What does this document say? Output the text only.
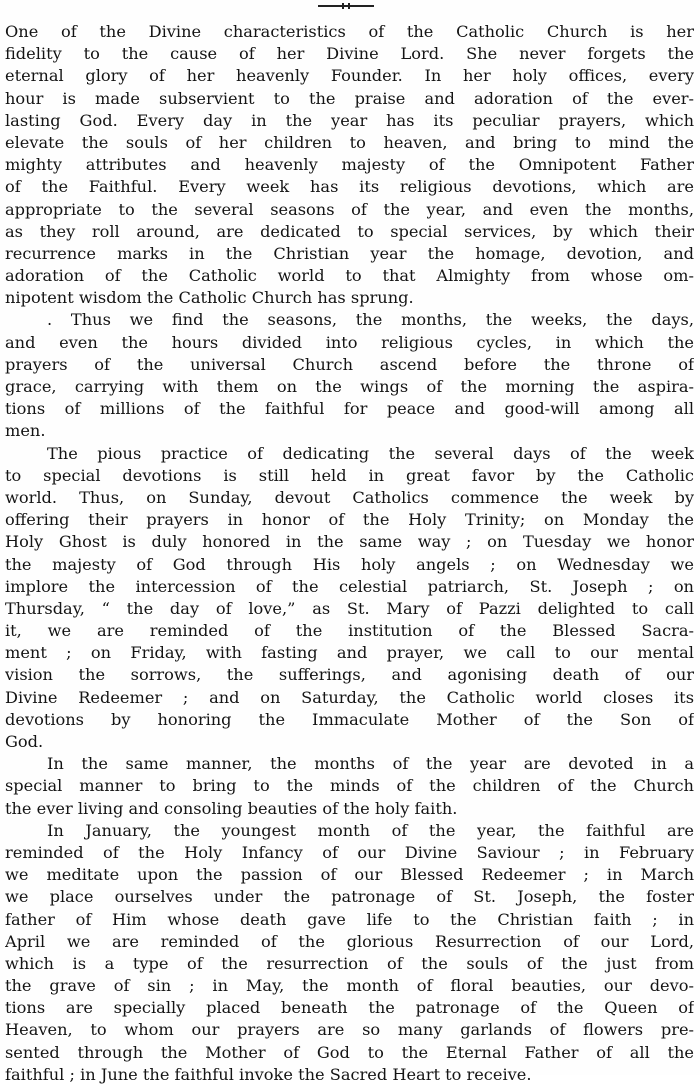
One of the Divine characteristics of the Catholic Church is her
fidelity to the cause of her Divine Lord. She never forgets the
eternal glory of her heavenly Founder. In her holy offices, every
hour is made subservient to the praise and adoration of the ever-
lasting God. Every day in the year has its peculiar prayers, which
elevate the souls of her children to heaven, and bring to mind the
mighty attributes and heavenly majesty of the Omnipotent Father
of the Faithful. Every week has its religious devotions, which are
appropriate to the several seasons of the year, and even the months,
as they roll around, are dedicated to special services, by which their
recurrence marks in the Christian year the homage, devotion, and
adoration of the Catholic world to that Almighty from whose om-
nipotent wisdom the Catholic Church has sprung.

. Thus we find the seasons, the months, the weeks, the days,
and even the hours divided into religious cycles, in which the
prayers of the universal Church ascend before the throne of
grace, carrying with them on the wings of the morning the aspira-
tions of millions of the faithful for peace and good-will among all
men.

The pious practice of dedicating the several days of the week
to special devotions is still held in great favor by the Catholic
world. Thus, on Sunday, devout Catholics commence the week by
offering their prayers in honor of the Holy Trinity; on Monday the
Holy Ghost is duly honored in the same way ; on Tuesday we honor
the majesty of God through His holy angels ; on Wednesday we
implore the intercession of the celestial patriarch, St. Joseph ; on
Thursday, “ the day of love,” as St. Mary of Pazzi delighted to call
it, we are reminded of the institution of the Blessed Sacra-
ment ; on Friday, with fasting and prayer, we call to our mental
vision the sorrows, the sufferings, and agonising death of our
Divine Redeemer ; and on Saturday, the Catholic world closes its
devotions by honoring the Immaculate Mother of the Son of
God.

In the same manner, the months of the year are devoted in a
special manner to bring to the minds of the children of the Church
the ever living and consoling beauties of the holy faith.

In January, the youngest month of the year, the faithful are
reminded of the Holy Infancy of our Divine Saviour ; in February
we meditate upon the passion of our Blessed Redeemer ; in March
we place ourselves under the patronage of St. Joseph, the foster
father of Him whose death gave life to the Christian faith ; in
April we are reminded of the glorious Resurrection of our Lord,
which is a type of the resurrection of the souls of the just from
the grave of sin ; in May, the month of floral beauties, our devo-
tions are specially placed beneath the patronage of the Queen of
Heaven, to whom our prayers are so many garlands of flowers pre-
sented through the Mother of God to the Eternal Father of all the
faithful ; in June the faithful invoke the Sacred Heart to receive.
